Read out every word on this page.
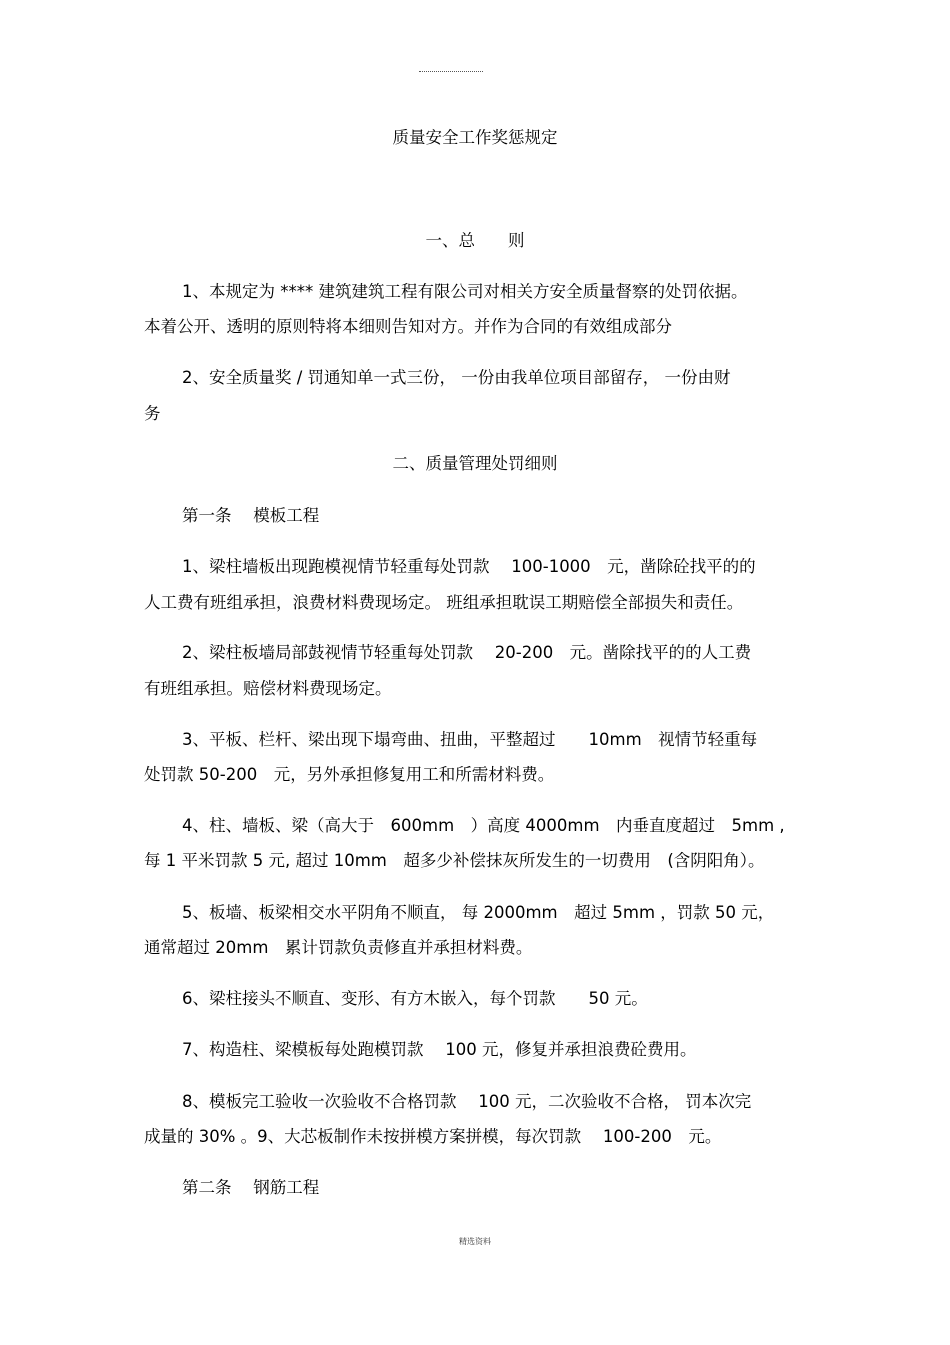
质量安全工作奖惩规定
一、总　　则
1、本规定为 **** 建筑建筑工程有限公司对相关方安全质量督察的处罚依据。
本着公开、透明的原则特将本细则告知对方。并作为合同的有效组成部分
2、安全质量奖 / 罚通知单一式三份， 一份由我单位项目部留存， 一份由财
务
二、质量管理处罚细则
第一条　 模板工程
1、梁柱墙板出现跑模视情节轻重每处罚款　 100-1000　元，凿除砼找平的的
人工费有班组承担，浪费材料费现场定。 班组承担耽误工期赔偿全部损失和责任。
2、梁柱板墙局部鼓视情节轻重每处罚款　 20-200　元。凿除找平的的人工费
有班组承担。赔偿材料费现场定。
3、平板、栏杆、梁出现下塌弯曲、扭曲，平整超过　　10mm　视情节轻重每
处罚款 50-200　元，另外承担修复用工和所需材料费。
4、柱、墙板、梁（高大于　600mm　）高度 4000mm　内垂直度超过　5mm ,
每 1 平米罚款 5 元, 超过 10mm　超多少补偿抹灰所发生的一切费用　(含阴阳角）。
5、板墙、板梁相交水平阴角不顺直， 每 2000mm　超过 5mm ，罚款 50 元，
通常超过 20mm　累计罚款负责修直并承担材料费。
6、梁柱接头不顺直、变形、有方木嵌入，每个罚款　　50 元。
7、构造柱、梁模板每处跑模罚款　 100 元，修复并承担浪费砼费用。
8、模板完工验收一次验收不合格罚款　 100 元，二次验收不合格， 罚本次完
成量的 30% 。9、大芯板制作未按拼模方案拼模，每次罚款　 100-200　元。
第二条　 钢筋工程
精选资料
